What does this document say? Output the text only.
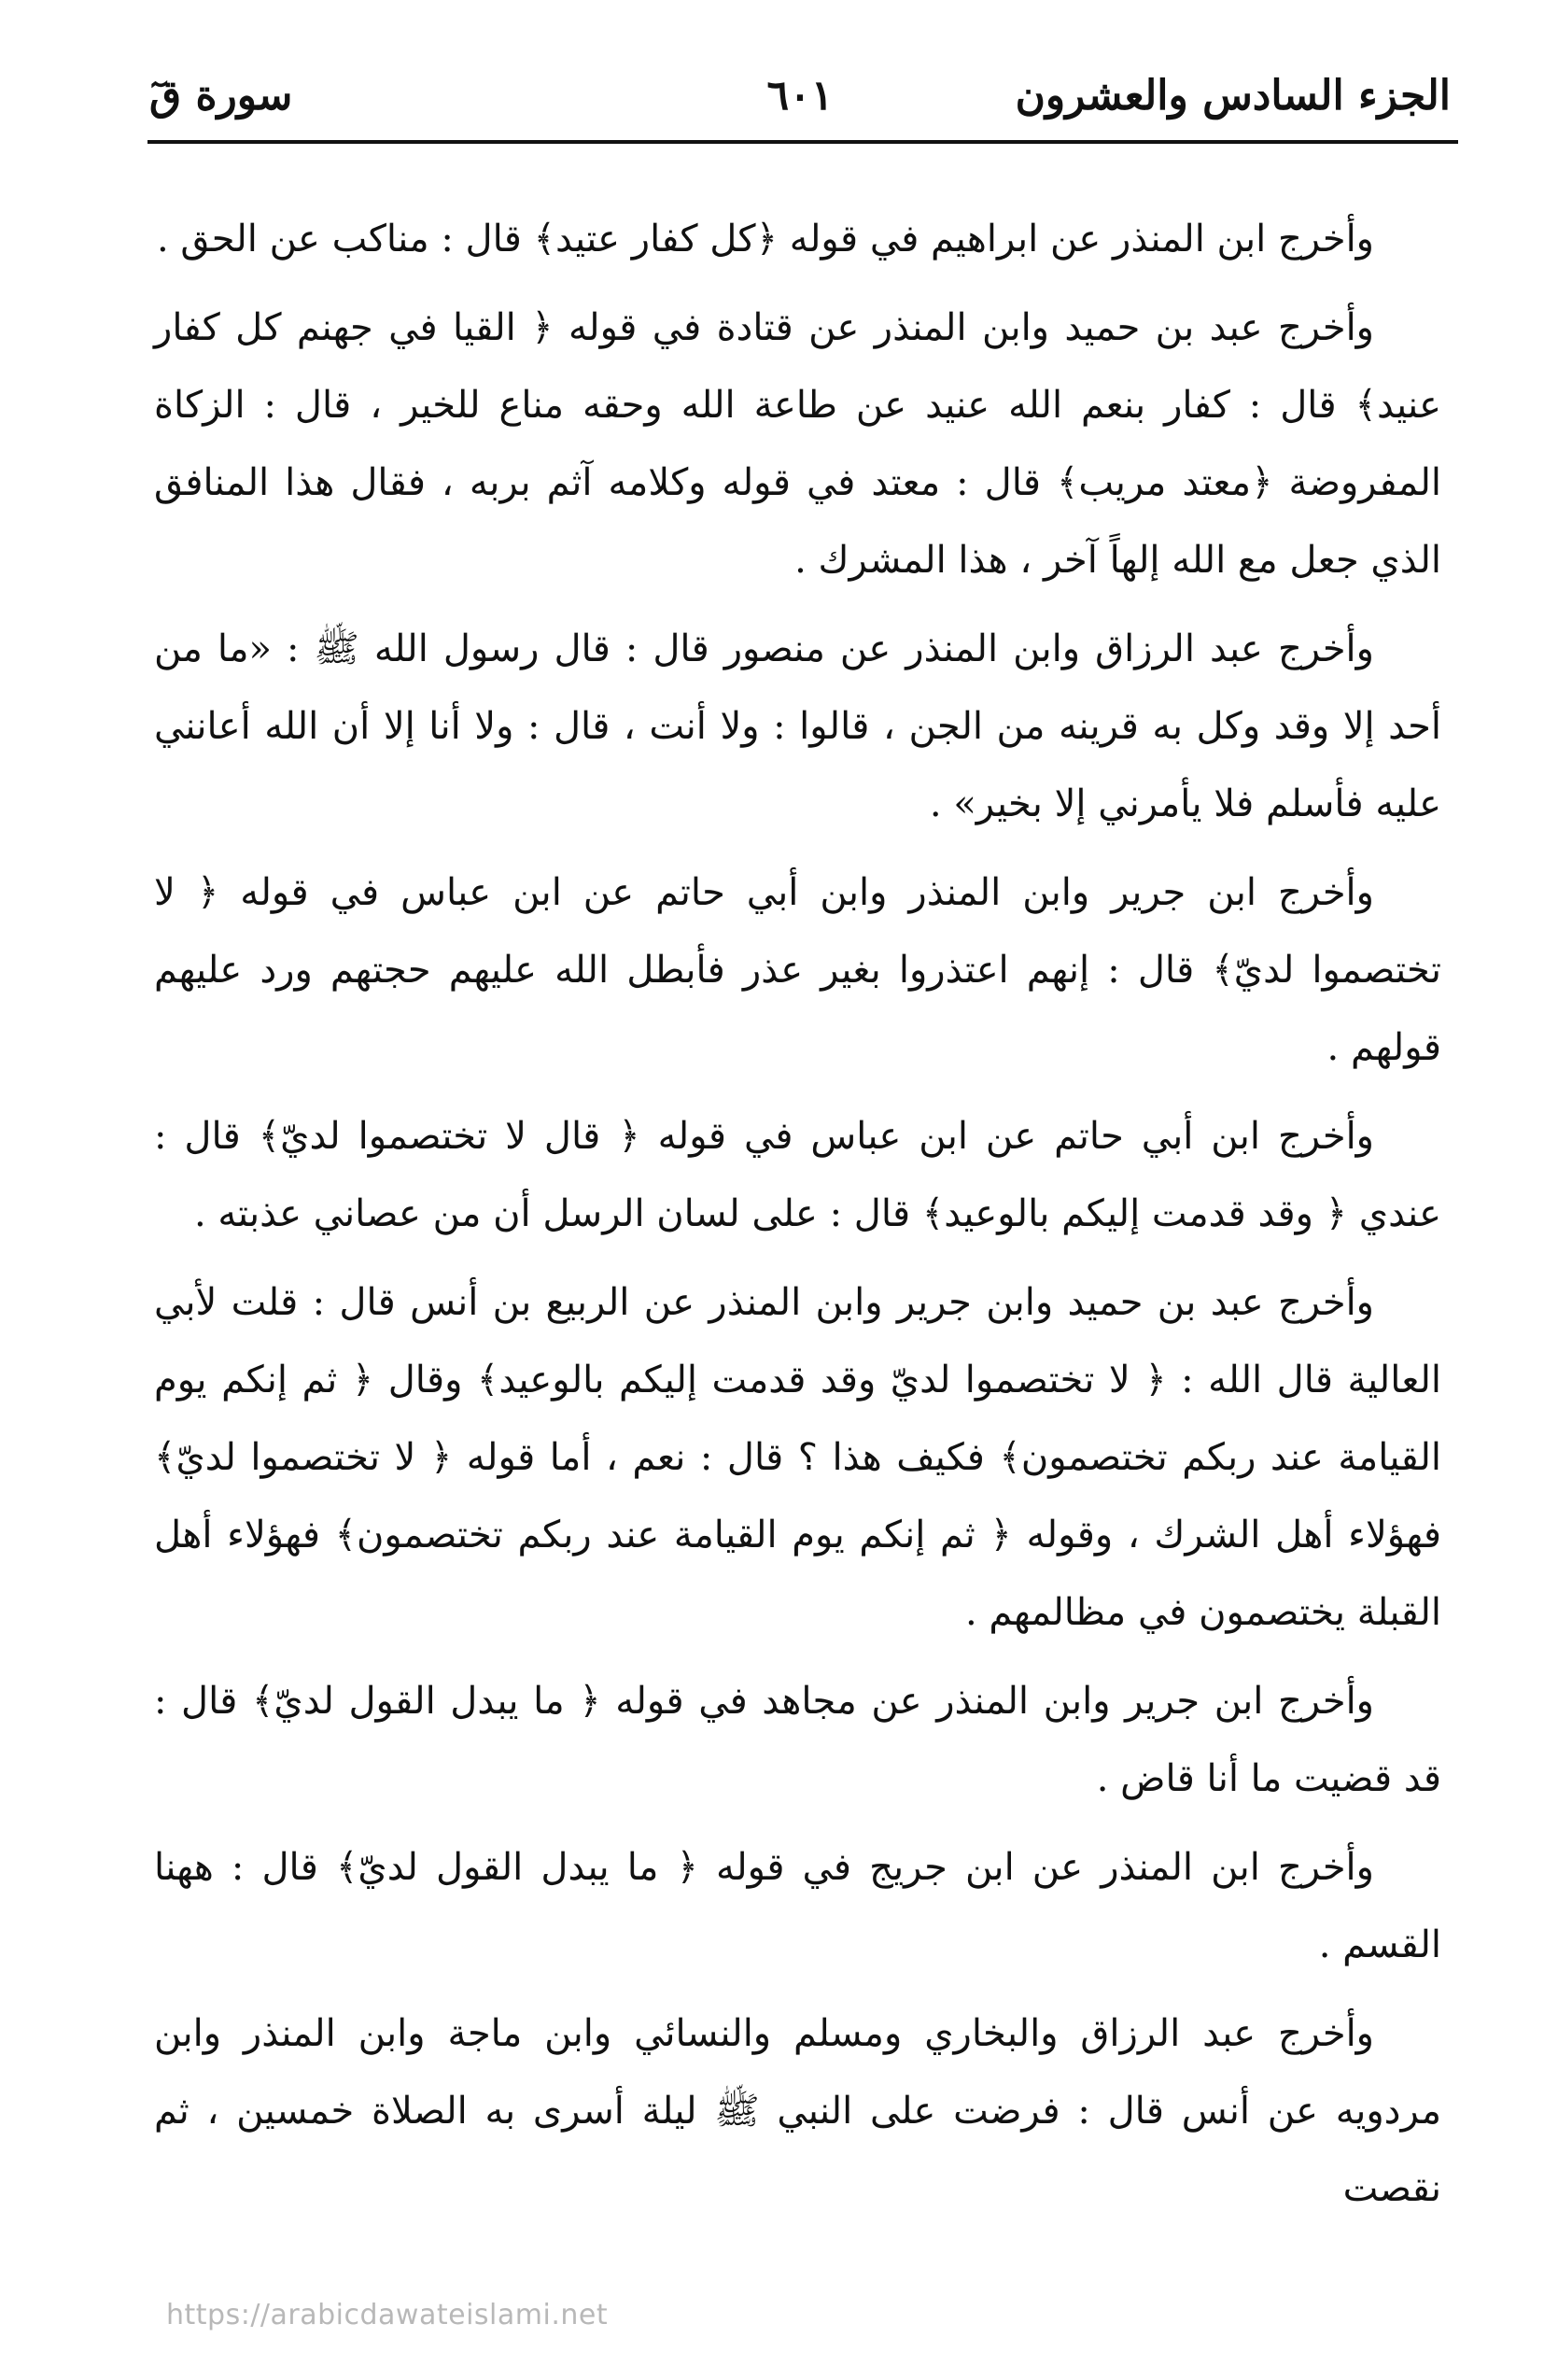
الجزء السادس والعشرون
٦٠١
سورة قٓ

وأخرج ابن المنذر عن ابراهيم في قوله ﴿كل كفار عتيد﴾ قال : مناكب عن الحق .

وأخرج عبد بن حميد وابن المنذر عن قتادة في قوله ﴿ القيا في جهنم كل كفار عنيد﴾ قال : كفار بنعم الله عنيد عن طاعة الله وحقه مناع للخير ، قال : الزكاة المفروضة ﴿معتد مريب﴾ قال : معتد في قوله وكلامه آثم بربه ، فقال هذا المنافق الذي جعل مع الله إلهاً آخر ، هذا المشرك .

وأخرج عبد الرزاق وابن المنذر عن منصور قال : قال رسول الله ﷺ : «ما من أحد إلا وقد وكل به قرينه من الجن ، قالوا : ولا أنت ، قال : ولا أنا إلا أن الله أعانني عليه فأسلم فلا يأمرني إلا بخير» .

وأخرج ابن جرير وابن المنذر وابن أبي حاتم عن ابن عباس في قوله ﴿ لا تختصموا لديّ﴾ قال : إنهم اعتذروا بغير عذر فأبطل الله عليهم حجتهم ورد عليهم قولهم .

وأخرج ابن أبي حاتم عن ابن عباس في قوله ﴿ قال لا تختصموا لديّ﴾ قال : عندي ﴿ وقد قدمت إليكم بالوعيد﴾ قال : على لسان الرسل أن من عصاني عذبته .

وأخرج عبد بن حميد وابن جرير وابن المنذر عن الربيع بن أنس قال : قلت لأبي العالية قال الله : ﴿ لا تختصموا لديّ وقد قدمت إليكم بالوعيد﴾ وقال ﴿ ثم إنكم يوم القيامة عند ربكم تختصمون﴾ فكيف هذا ؟ قال : نعم ، أما قوله ﴿ لا تختصموا لديّ﴾ فهؤلاء أهل الشرك ، وقوله ﴿ ثم إنكم يوم القيامة عند ربكم تختصمون﴾ فهؤلاء أهل القبلة يختصمون في مظالمهم .

وأخرج ابن جرير وابن المنذر عن مجاهد في قوله ﴿ ما يبدل القول لديّ﴾ قال : قد قضيت ما أنا قاض .

وأخرج ابن المنذر عن ابن جريج في قوله ﴿ ما يبدل القول لديّ﴾ قال : ههنا القسم .

وأخرج عبد الرزاق والبخاري ومسلم والنسائي وابن ماجة وابن المنذر وابن مردويه عن أنس قال : فرضت على النبي ﷺ ليلة أسرى به الصلاة خمسين ، ثم نقصت

https://arabicdawateislami.net
